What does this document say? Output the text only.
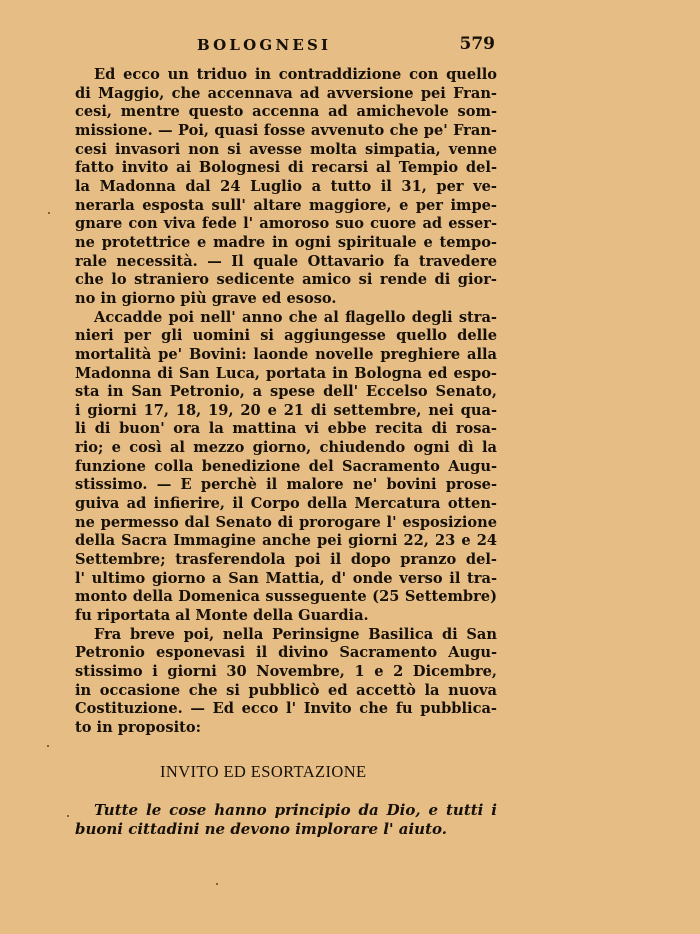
BOLOGNESI	579
Ed ecco un triduo in contraddizione con quello
di Maggio, che accennava ad avversione pei Fran-
cesi, mentre questo accenna ad amichevole som-
missione. — Poi, quasi fosse avvenuto che pe' Fran-
cesi invasori non si avesse molta simpatia, venne
fatto invito ai Bolognesi di recarsi al Tempio del-
la Madonna dal 24 Luglio a tutto il 31, per ve-
nerarla esposta sull' altare maggiore, e per impe-
gnare con viva fede l' amoroso suo cuore ad esser-
ne protettrice e madre in ogni spirituale e tempo-
rale necessità. — Il quale Ottavario fa travedere
che lo straniero sedicente amico si rende di gior-
no in giorno più grave ed esoso.
Accadde poi nell' anno che al flagello degli stra-
nieri per gli uomini si aggiungesse quello delle
mortalità pe' Bovini: laonde novelle preghiere alla
Madonna di San Luca, portata in Bologna ed espo-
sta in San Petronio, a spese dell' Eccelso Senato,
i giorni 17, 18, 19, 20 e 21 di settembre, nei qua-
li di buon' ora la mattina vi ebbe recita di rosa-
rio; e così al mezzo giorno, chiudendo ogni dì la
funzione colla benedizione del Sacramento Augu-
stissimo. — E perchè il malore ne' bovini prose-
guiva ad infierire, il Corpo della Mercatura otten-
ne permesso dal Senato di prorogare l' esposizione
della Sacra Immagine anche pei giorni 22, 23 e 24
Settembre; trasferendola poi il dopo pranzo del-
l' ultimo giorno a San Mattia, d' onde verso il tra-
monto della Domenica susseguente (25 Settembre)
fu riportata al Monte della Guardia.
Fra breve poi, nella Perinsigne Basilica di San
Petronio esponevasi il divino Sacramento Augu-
stissimo i giorni 30 Novembre, 1 e 2 Dicembre,
in occasione che si pubblicò ed accettò la nuova
Costituzione. — Ed ecco l' Invito che fu pubblica-
to in proposito:
INVITO ED ESORTAZIONE
Tutte le cose hanno principio da Dio, e tutti i
buoni cittadini ne devono implorare l' aiuto.
